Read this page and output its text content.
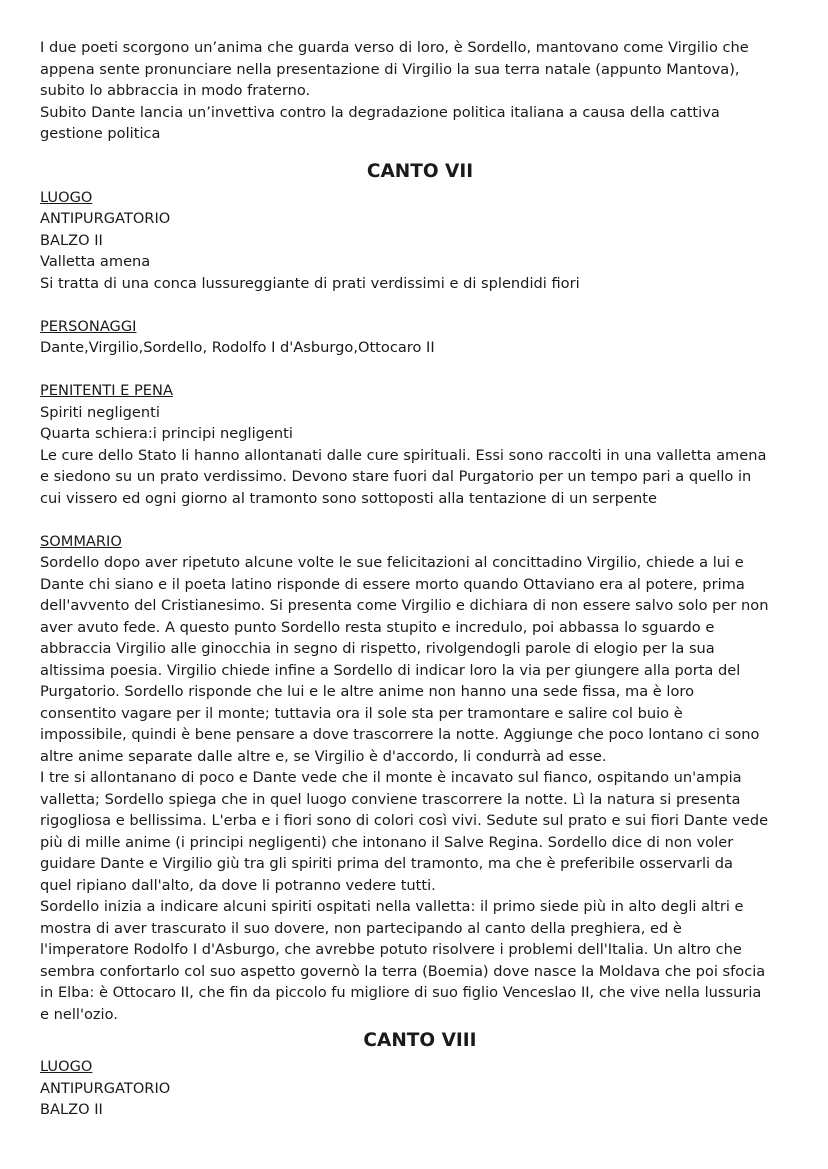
I due poeti scorgono un’anima che guarda verso di loro, è Sordello, mantovano come Virgilio che
appena sente pronunciare nella presentazione di Virgilio la sua terra natale (appunto Mantova),
subito lo abbraccia in modo fraterno.
Subito Dante lancia un’invettiva contro la degradazione politica italiana a causa della cattiva
gestione politica
CANTO VII
LUOGO
ANTIPURGATORIO
BALZO II
Valletta amena
Si tratta di una conca lussureggiante di prati verdissimi e di splendidi fiori
PERSONAGGI
Dante,Virgilio,Sordello, Rodolfo I d'Asburgo,Ottocaro II
PENITENTI E PENA
Spiriti negligenti
Quarta schiera:i principi negligenti
Le cure dello Stato li hanno allontanati dalle cure spirituali. Essi sono raccolti in una valletta amena
e siedono su un prato verdissimo. Devono stare fuori dal Purgatorio per un tempo pari a quello in
cui vissero ed ogni giorno al tramonto sono sottoposti alla tentazione di un serpente
SOMMARIO
Sordello dopo aver ripetuto alcune volte le sue felicitazioni al concittadino Virgilio, chiede a lui e
Dante chi siano e il poeta latino risponde di essere morto quando Ottaviano era al potere, prima
dell'avvento del Cristianesimo. Si presenta come Virgilio e dichiara di non essere salvo solo per non
aver avuto fede. A questo punto Sordello resta stupito e incredulo, poi abbassa lo sguardo e
abbraccia Virgilio alle ginocchia in segno di rispetto, rivolgendogli parole di elogio per la sua
altissima poesia. Virgilio chiede infine a Sordello di indicar loro la via per giungere alla porta del
Purgatorio. Sordello risponde che lui e le altre anime non hanno una sede fissa, ma è loro
consentito vagare per il monte; tuttavia ora il sole sta per tramontare e salire col buio è
impossibile, quindi è bene pensare a dove trascorrere la notte. Aggiunge che poco lontano ci sono
altre anime separate dalle altre e, se Virgilio è d'accordo, li condurrà ad esse.
I tre si allontanano di poco e Dante vede che il monte è incavato sul fianco, ospitando un'ampia
valletta; Sordello spiega che in quel luogo conviene trascorrere la notte. Lì la natura si presenta
rigogliosa e bellissima. L'erba e i fiori sono di colori così vivi. Sedute sul prato e sui fiori Dante vede
più di mille anime (i principi negligenti) che intonano il Salve Regina. Sordello dice di non voler
guidare Dante e Virgilio giù tra gli spiriti prima del tramonto, ma che è preferibile osservarli da
quel ripiano dall'alto, da dove li potranno vedere tutti.
Sordello inizia a indicare alcuni spiriti ospitati nella valletta: il primo siede più in alto degli altri e
mostra di aver trascurato il suo dovere, non partecipando al canto della preghiera, ed è
l'imperatore Rodolfo I d'Asburgo, che avrebbe potuto risolvere i problemi dell'Italia. Un altro che
sembra confortarlo col suo aspetto governò la terra (Boemia) dove nasce la Moldava che poi sfocia
in Elba: è Ottocaro II, che fin da piccolo fu migliore di suo figlio Venceslao II, che vive nella lussuria
e nell'ozio.
CANTO VIII
LUOGO
ANTIPURGATORIO
BALZO II
